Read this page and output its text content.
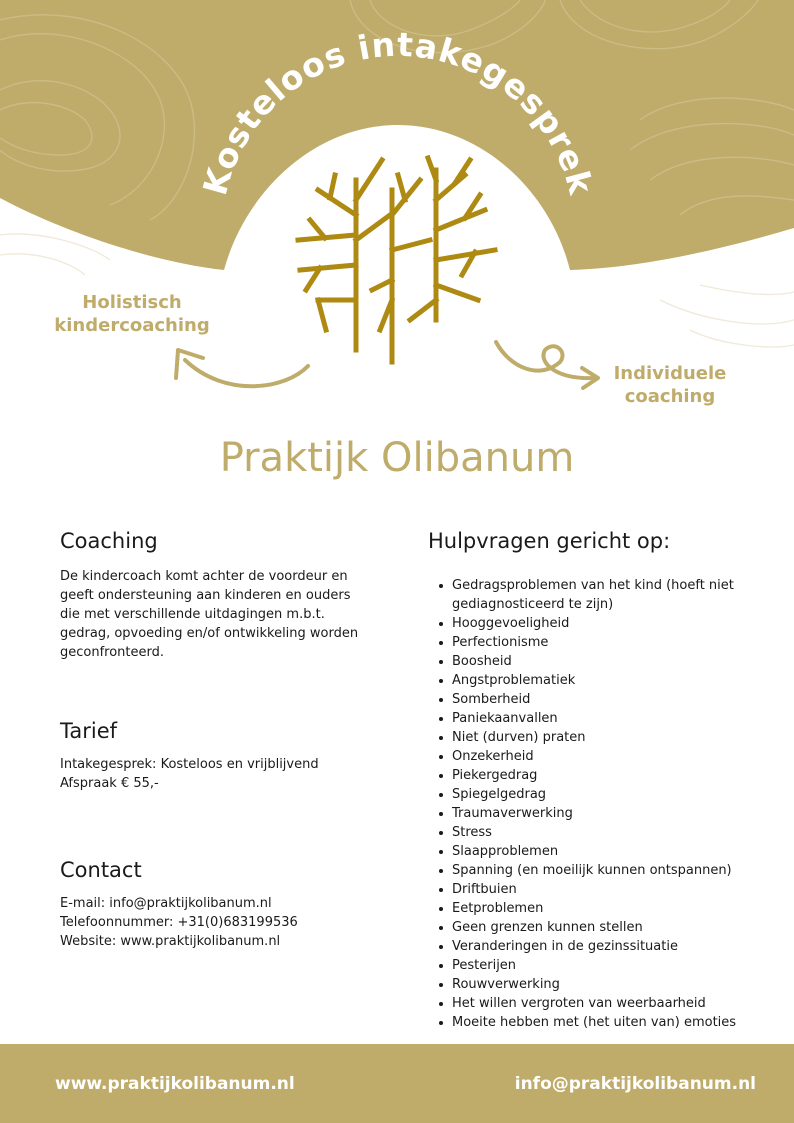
Kosteloos intakegesprek
Holistisch kindercoaching
Individuele coaching
Praktijk Olibanum
Coaching

De kindercoach komt achter de voordeur en geeft ondersteuning aan kinderen en ouders die met verschillende uitdagingen m.b.t. gedrag, opvoeding en/of ontwikkeling worden geconfronteerd.

Tarief

Intakegesprek: Kosteloos en vrijblijvend

Afspraak € 55,-

Contact

E-mail: info@praktijkolibanum.nl

Telefoonnummer: +31(0)683199536

Website: www.praktijkolibanum.nl

Hulpvragen gericht op:
Gedragsproblemen van het kind (hoeft niet gediagnosticeerd te zijn)
Hooggevoeligheid
Perfectionisme
Boosheid
Angstproblematiek
Somberheid
Paniekaanvallen
Niet (durven) praten
Onzekerheid
Piekergedrag
Spiegelgedrag
Traumaverwerking
Stress
Slaapproblemen
Spanning (en moeilijk kunnen ontspannen)
Driftbuien
Eetproblemen
Geen grenzen kunnen stellen
Veranderingen in de gezinssituatie
Pesterijen
Rouwverwerking
Het willen vergroten van weerbaarheid
Moeite hebben met (het uiten van) emoties
www.praktijkolibanum.nl	info@praktijkolibanum.nl
